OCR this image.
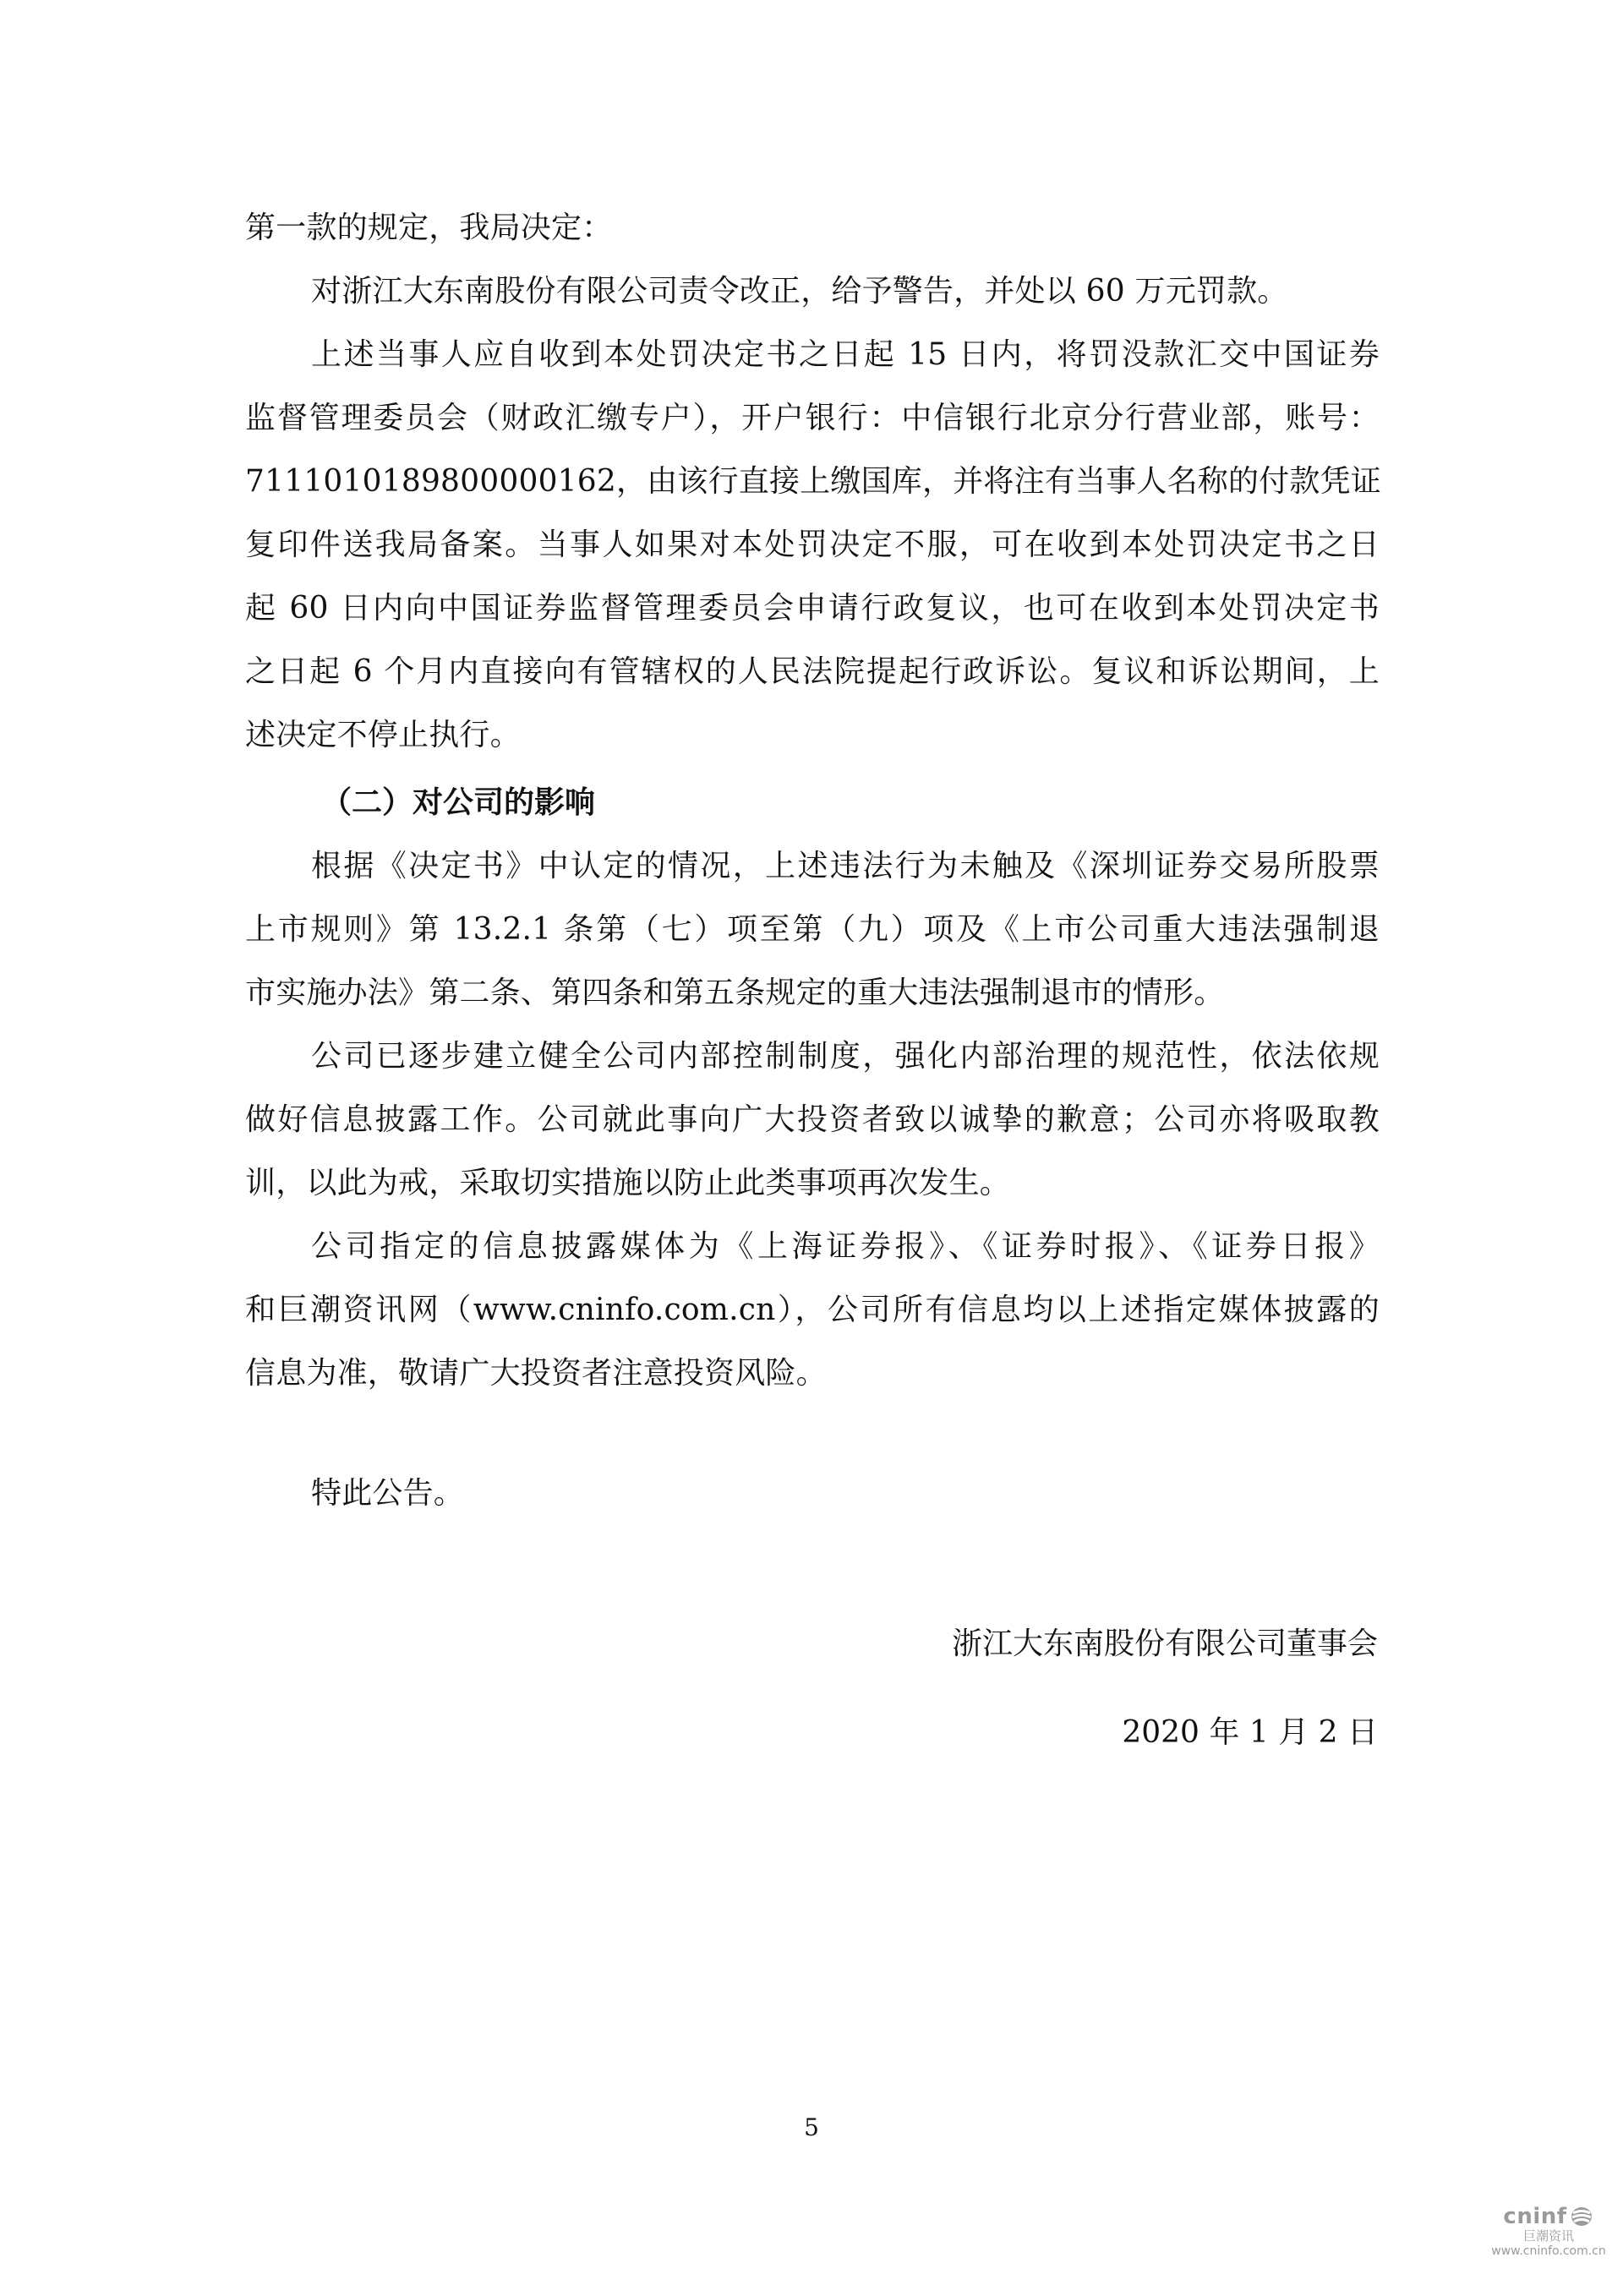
第一款的规定，我局决定：
对浙江大东南股份有限公司责令改正，给予警告，并处以 60 万元罚款。
上述当事人应自收到本处罚决定书之日起 15 日内，将罚没款汇交中国证券
监督管理委员会（财政汇缴专户），开户银行：中信银行北京分行营业部，账号：
7111010189800000162，由该行直接上缴国库，并将注有当事人名称的付款凭证
复印件送我局备案。当事人如果对本处罚决定不服，可在收到本处罚决定书之日
起 60 日内向中国证券监督管理委员会申请行政复议，也可在收到本处罚决定书
之日起 6 个月内直接向有管辖权的人民法院提起行政诉讼。复议和诉讼期间，上
述决定不停止执行。
（二）对公司的影响
根据《决定书》中认定的情况，上述违法行为未触及《深圳证券交易所股票
上市规则》第 13.2.1 条第（七）项至第（九）项及《上市公司重大违法强制退
市实施办法》第二条、第四条和第五条规定的重大违法强制退市的情形。
公司已逐步建立健全公司内部控制制度，强化内部治理的规范性，依法依规
做好信息披露工作。公司就此事向广大投资者致以诚挚的歉意；公司亦将吸取教
训，以此为戒，采取切实措施以防止此类事项再次发生。
公司指定的信息披露媒体为《上海证券报》、《证券时报》、《证券日报》
和巨潮资讯网（www.cninfo.com.cn），公司所有信息均以上述指定媒体披露的
信息为准，敬请广大投资者注意投资风险。
特此公告。
浙江大东南股份有限公司董事会
2020 年 1 月 2 日
5
cninf
巨潮资讯
www.cninfo.com.cn
